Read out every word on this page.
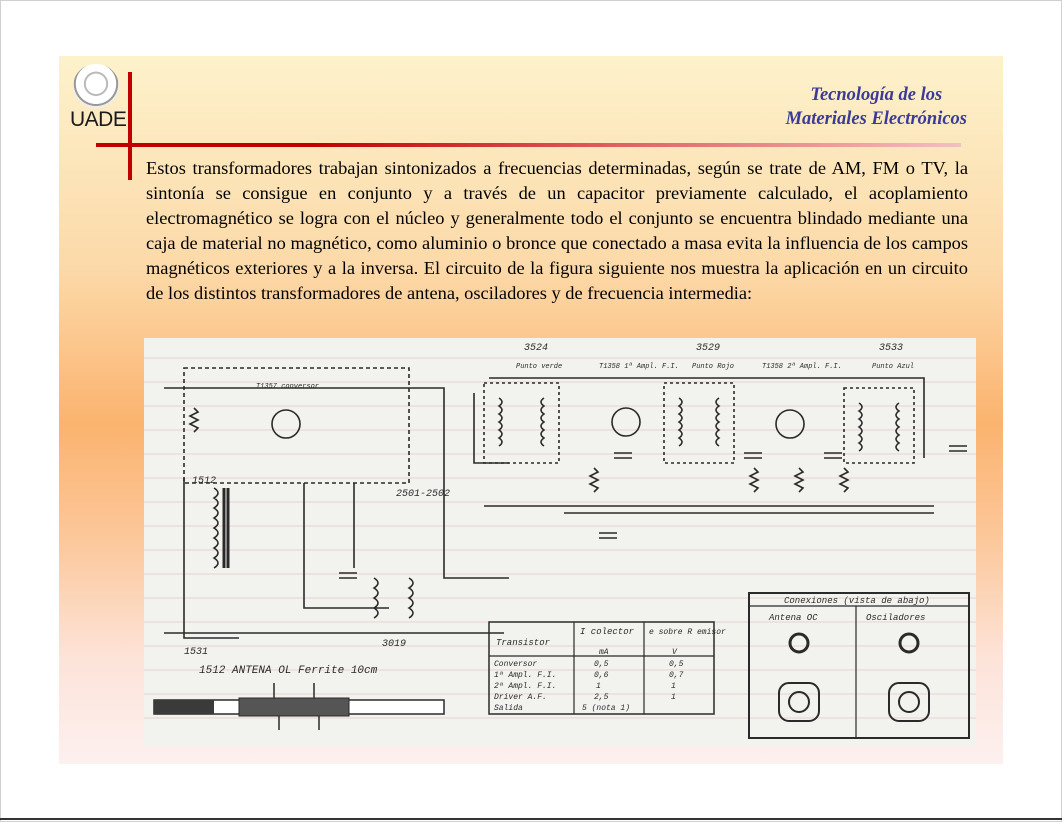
UADE
Tecnología de los
Materiales Electrónicos
Estos transformadores trabajan sintonizados a frecuencias determinadas, según se trate de AM, FM o TV, la sintonía se consigue en conjunto y a través de un capacitor previamente calculado, el acoplamiento electromagnético se logra con el núcleo y generalmente todo el conjunto se encuentra blindado mediante una caja de material no magnético, como aluminio o bronce que conectado a masa evita la influencia de los campos magnéticos exteriores y a la inversa. El circuito de la figura siguiente nos muestra la aplicación en un circuito de los distintos transformadores de antena, osciladores y de frecuencia intermedia:
3524	3529	3533
Punto verde	Punto Rojo	Punto Azul
T1357 conversor
T1358 1ª Ampl. F.I.	T1358 2ª Ampl. F.I.
1512
2501-2502
1531
3019
1512 ANTENA OL Ferrite 10cm
Transistor
I colector e sobre R emisor
mA	V
Conversor	0,5	0,5
1ª Ampl. F.I.	0,6	0,7
2ª Ampl. F.I.	1	1
Driver A.F.	2,5	1
Salida	5 (nota 1)
Conexiones (vista de abajo)
Antena OC	Osciladores
